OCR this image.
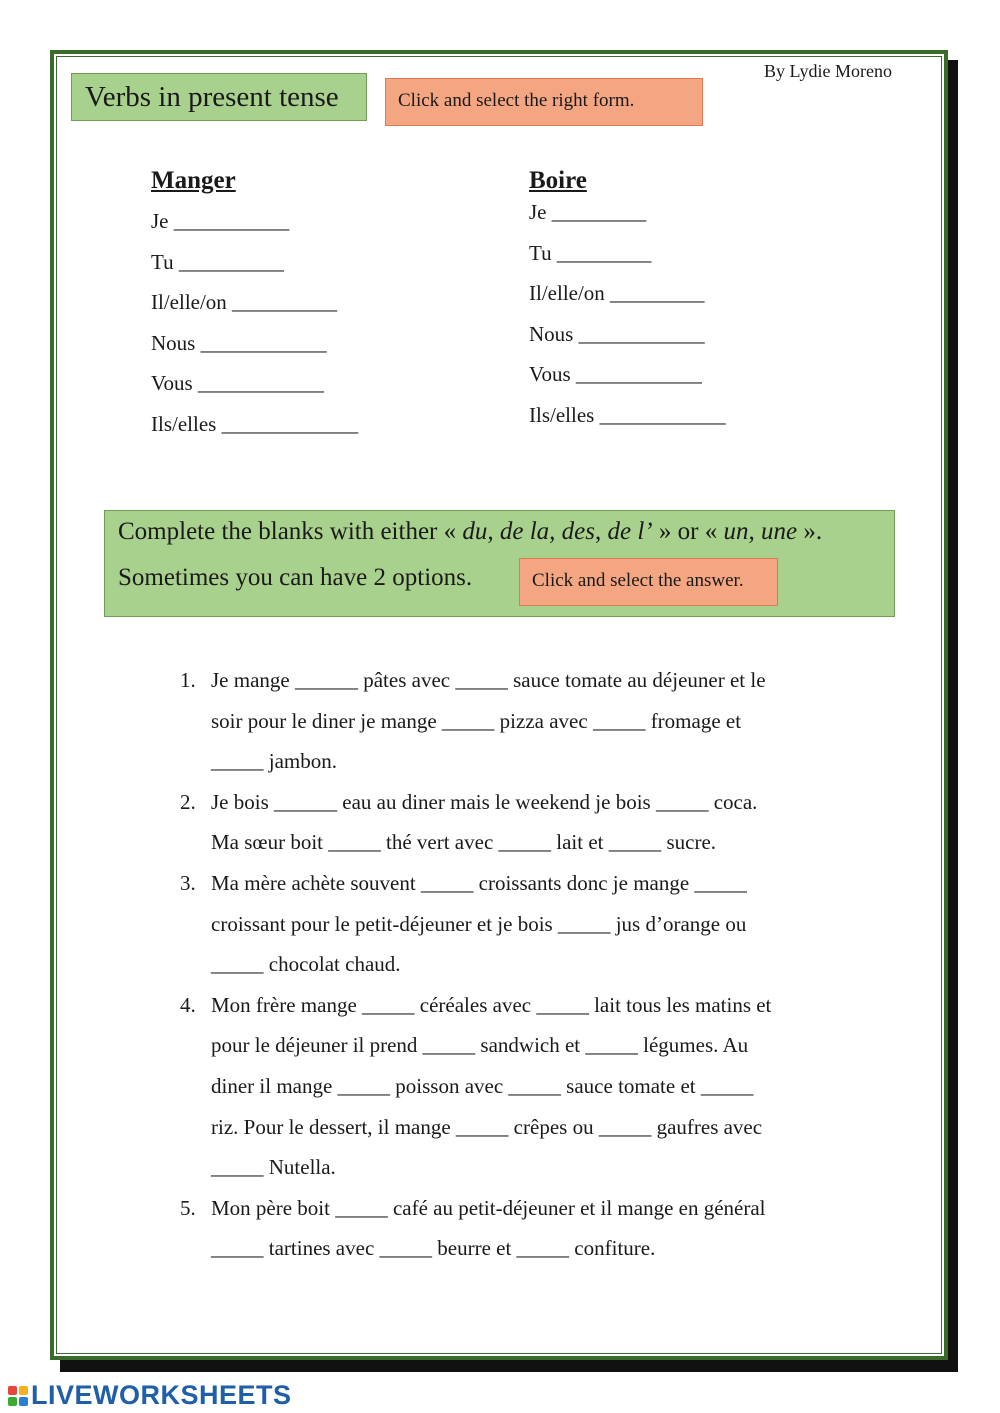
By Lydie Moreno
Verbs in present tense	Click and select the right form.
Manger
Je ___________
Tu __________
Il/elle/on __________
Nous ____________
Vous ____________
Ils/elles _____________
Boire
Je _________
Tu _________
Il/elle/on _________
Nous ____________
Vous ____________
Ils/elles ____________
Complete the blanks with either « du, de la, des, de l’ » or « un, une ».
Sometimes you can have 2 options.	Click and select the answer.
1. Je mange ______ pâtes avec _____ sauce tomate au déjeuner et le
soir pour le diner je mange _____ pizza avec _____ fromage et
_____ jambon.
2. Je bois ______ eau au diner mais le weekend je bois _____ coca.
Ma sœur boit _____ thé vert avec _____ lait et _____ sucre.
3. Ma mère achète souvent _____ croissants donc je mange _____
croissant pour le petit-déjeuner et je bois _____ jus d’orange ou
_____ chocolat chaud.
4. Mon frère mange _____ céréales avec _____ lait tous les matins et
pour le déjeuner il prend _____ sandwich et _____ légumes. Au
diner il mange _____ poisson avec _____ sauce tomate et _____
riz. Pour le dessert, il mange _____ crêpes ou _____ gaufres avec
_____ Nutella.
5. Mon père boit _____ café au petit-déjeuner et il mange en général
_____ tartines avec _____ beurre et _____ confiture.
LIVEWORKSHEETS
